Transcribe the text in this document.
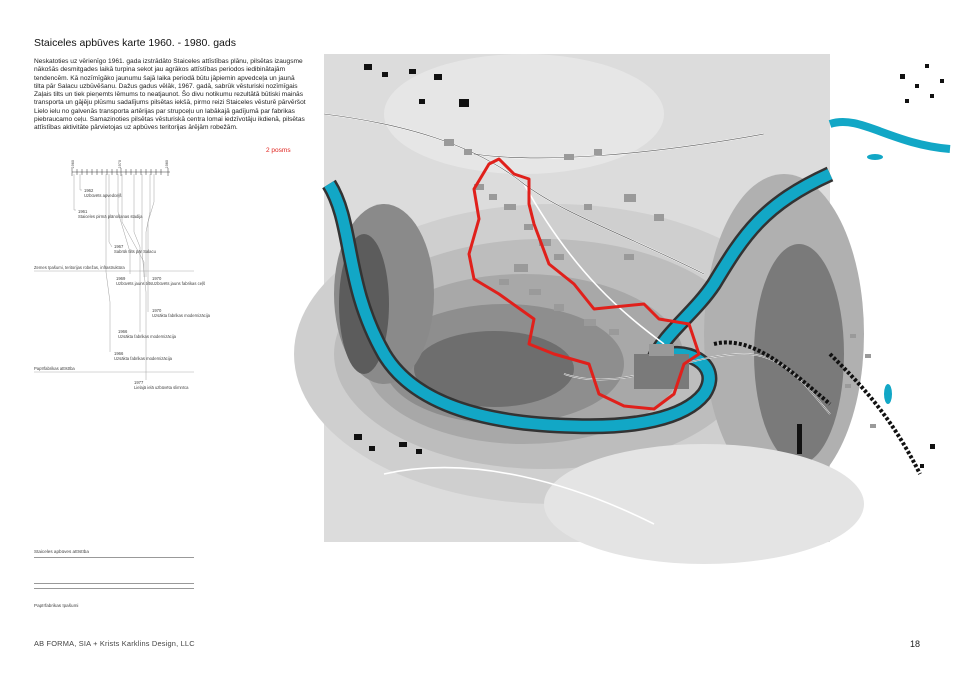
Staiceles apbūves karte 1960. - 1980. gads
Neskatoties uz vērienīgo 1961. gada izstrādāto Staiceles attīstības plānu, pilsētas izaugsme nākošās desmitgades laikā turpina sekot jau agrākos attīstības periodos iedibinātajām tendencēm. Kā nozīmīgāko jaunumu šajā laika periodā būtu jāpiemin apvedceļa un jaunā tilta pār Salacu uzbūvēšanu. Dažus gadus vēlāk, 1967. gadā, sabrūk vēsturiski nozīmīgais Zaļais tilts un tiek pieņemts lēmums to neatjaunot. Šo divu notikumu rezultātā būtiski mainās transporta un gājēju plūsmu sadalījums pilsētas iekšā, pirmo reizi Staiceles vēsturē pārvēršot Lielo ielu no galvenās transporta artērijas par strupceļu un labākajā gadījumā par fabrikas piebraucamo ceļu. Samazinoties pilsētas vēsturiskā centra lomai iedzīvotāju ikdienā, pilsētas attīstības aktivitāte pārvietojas uz apbūves teritorijas ārējām robežām.
2 posms
1960	1970	1980
1962
Uzbūvēts apvedceļš
1961
Staiceles pirmā plānošanas stadija
1967
Sabrūk tilts pār Salacu
Zemes īpašumi, teritorijas robežas, infrastruktūra
1969
Uzbūvēts jauns tilts
1970
Uzbūvēts jauns fabrikas ceļš
1970
Uzsākta fabrikas modernizācija
1966
Uzsākta fabrikas modernizācija
1966
Uzsākta fabrikas modernizācija
Papīrfabrikas attīstība
1977
Lielajā ielā uzbūvēta slimnīca
Staiceles apbūves attīstība
Papīrfabrikas īpašumi
AB FORMA, SIA + Krists Karklins Design, LLC	18
